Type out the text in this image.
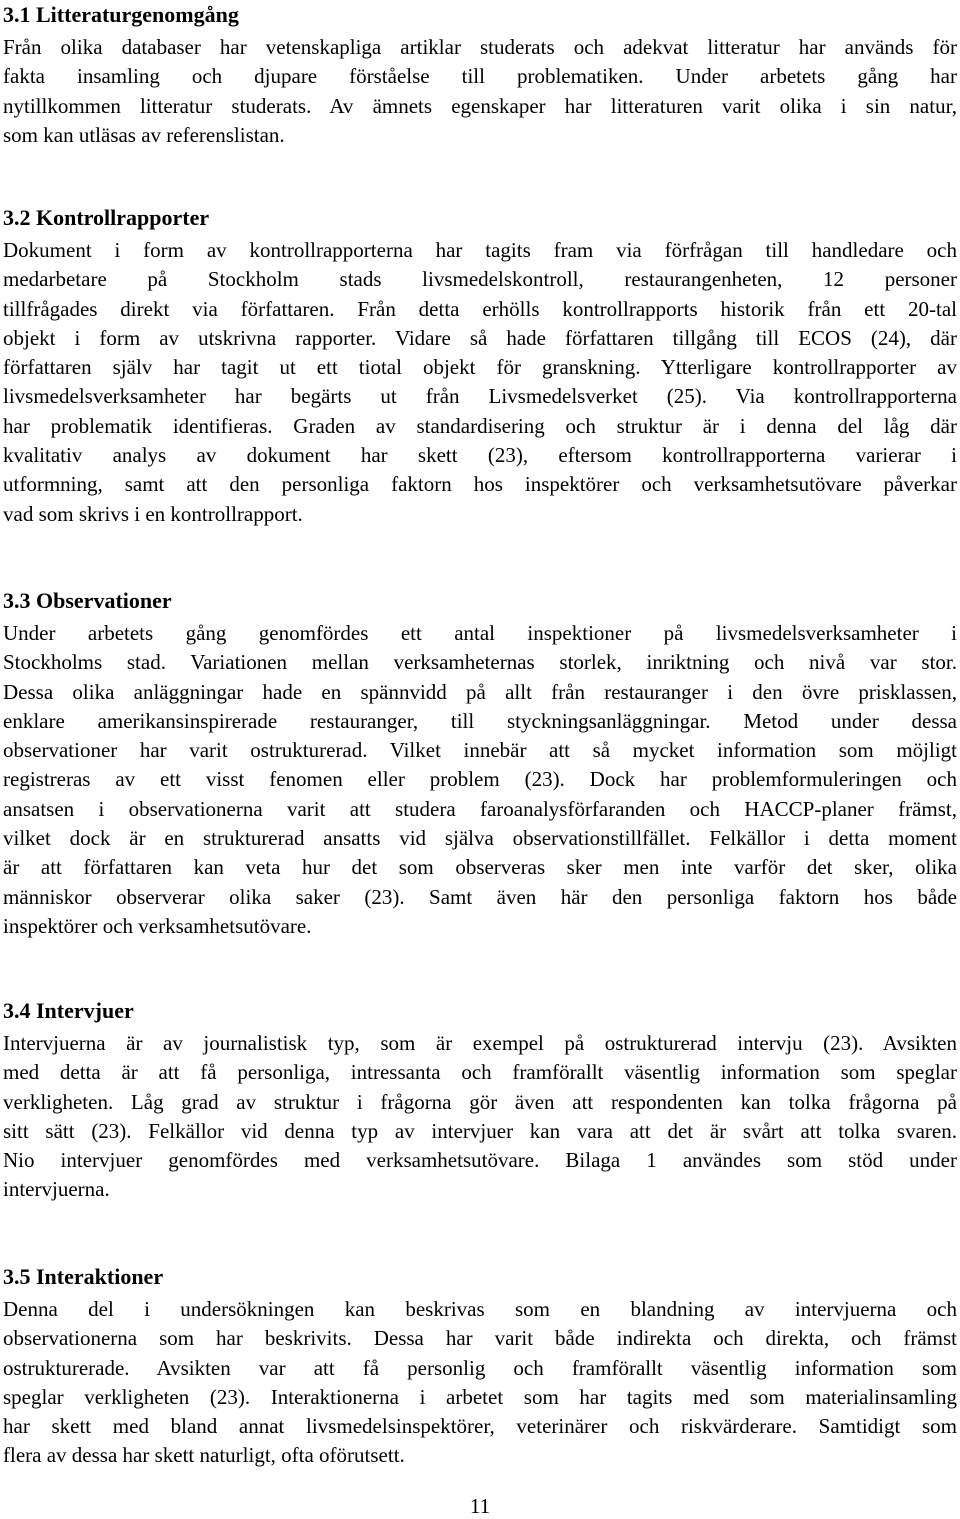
3.1 Litteraturgenomgång
Från olika databaser har vetenskapliga artiklar studerats och adekvat litteratur har används för
fakta insamling och djupare förståelse till problematiken. Under arbetets gång har
nytillkommen litteratur studerats. Av ämnets egenskaper har litteraturen varit olika i sin natur,
som kan utläsas av referenslistan.
3.2 Kontrollrapporter
Dokument i form av kontrollrapporterna har tagits fram via förfrågan till handledare och
medarbetare på Stockholm stads livsmedelskontroll, restaurangenheten, 12 personer
tillfrågades direkt via författaren. Från detta erhölls kontrollrapports historik från ett 20-tal
objekt i form av utskrivna rapporter. Vidare så hade författaren tillgång till ECOS (24), där
författaren själv har tagit ut ett tiotal objekt för granskning. Ytterligare kontrollrapporter av
livsmedelsverksamheter har begärts ut från Livsmedelsverket (25). Via kontrollrapporterna
har problematik identifieras. Graden av standardisering och struktur är i denna del låg där
kvalitativ analys av dokument har skett (23), eftersom kontrollrapporterna varierar i
utformning, samt att den personliga faktorn hos inspektörer och verksamhetsutövare påverkar
vad som skrivs i en kontrollrapport.
3.3 Observationer
Under arbetets gång genomfördes ett antal inspektioner på livsmedelsverksamheter i
Stockholms stad. Variationen mellan verksamheternas storlek, inriktning och nivå var stor.
Dessa olika anläggningar hade en spännvidd på allt från restauranger i den övre prisklassen,
enklare amerikansinspirerade restauranger, till styckningsanläggningar. Metod under dessa
observationer har varit ostrukturerad. Vilket innebär att så mycket information som möjligt
registreras av ett visst fenomen eller problem (23). Dock har problemformuleringen och
ansatsen i observationerna varit att studera faroanalysförfaranden och HACCP-planer främst,
vilket dock är en strukturerad ansatts vid själva observationstillfället. Felkällor i detta moment
är att författaren kan veta hur det som observeras sker men inte varför det sker, olika
människor observerar olika saker (23). Samt även här den personliga faktorn hos både
inspektörer och verksamhetsutövare.
3.4 Intervjuer
Intervjuerna är av journalistisk typ, som är exempel på ostrukturerad intervju (23). Avsikten
med detta är att få personliga, intressanta och framförallt väsentlig information som speglar
verkligheten. Låg grad av struktur i frågorna gör även att respondenten kan tolka frågorna på
sitt sätt (23). Felkällor vid denna typ av intervjuer kan vara att det är svårt att tolka svaren.
Nio intervjuer genomfördes med verksamhetsutövare. Bilaga 1 användes som stöd under
intervjuerna.
3.5 Interaktioner
Denna del i undersökningen kan beskrivas som en blandning av intervjuerna och
observationerna som har beskrivits. Dessa har varit både indirekta och direkta, och främst
ostrukturerade. Avsikten var att få personlig och framförallt väsentlig information som
speglar verkligheten (23). Interaktionerna i arbetet som har tagits med som materialinsamling
har skett med bland annat livsmedelsinspektörer, veterinärer och riskvärderare. Samtidigt som
flera av dessa har skett naturligt, ofta oförutsett.
11
